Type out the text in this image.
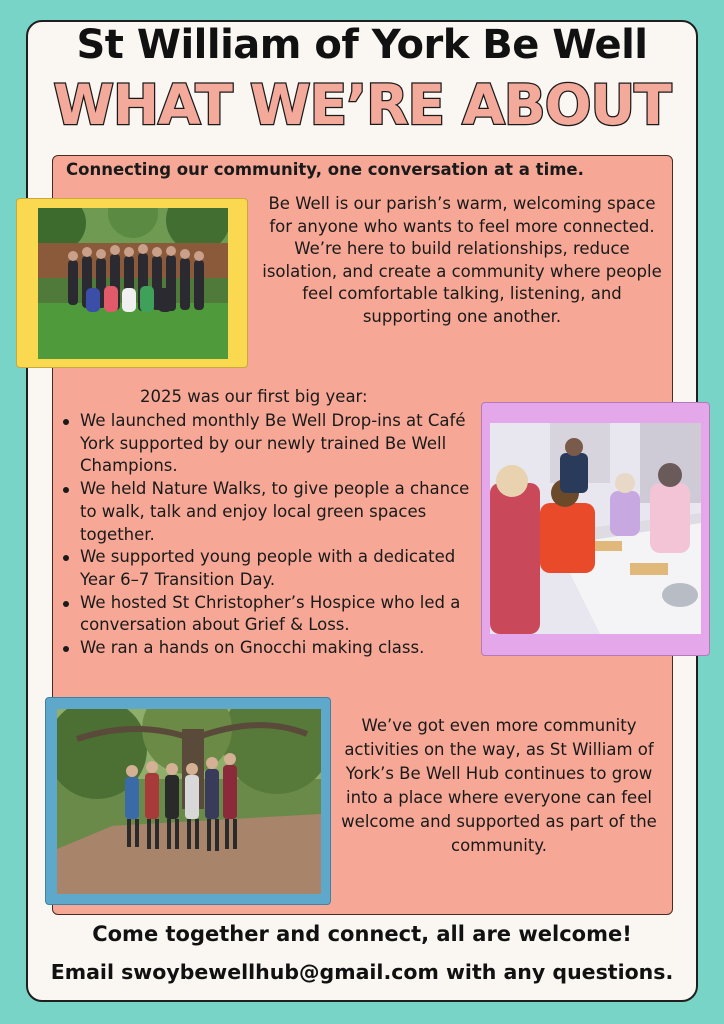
St William of York Be Well
WHAT WE’RE ABOUT
Connecting our community, one conversation at a time.
Be Well is our parish’s warm, welcoming space for anyone who wants to feel more connected. We’re here to build relationships, reduce isolation, and create a community where people feel comfortable talking, listening, and supporting one another.
2025 was our first big year:
We launched monthly Be Well Drop-ins at Café York supported by our newly trained Be Well Champions.
We held Nature Walks, to give people a chance to walk, talk and enjoy local green spaces together.
We supported young people with a dedicated Year 6–7 Transition Day.
We hosted St Christopher’s Hospice who led a conversation about Grief & Loss.
We ran a hands on Gnocchi making class.
We’ve got even more community activities on the way, as St William of York’s Be Well Hub continues to grow into a place where everyone can feel welcome and supported as part of the community.

Come together and connect, all are welcome!

Email swoybewellhub@gmail.com with any questions.
